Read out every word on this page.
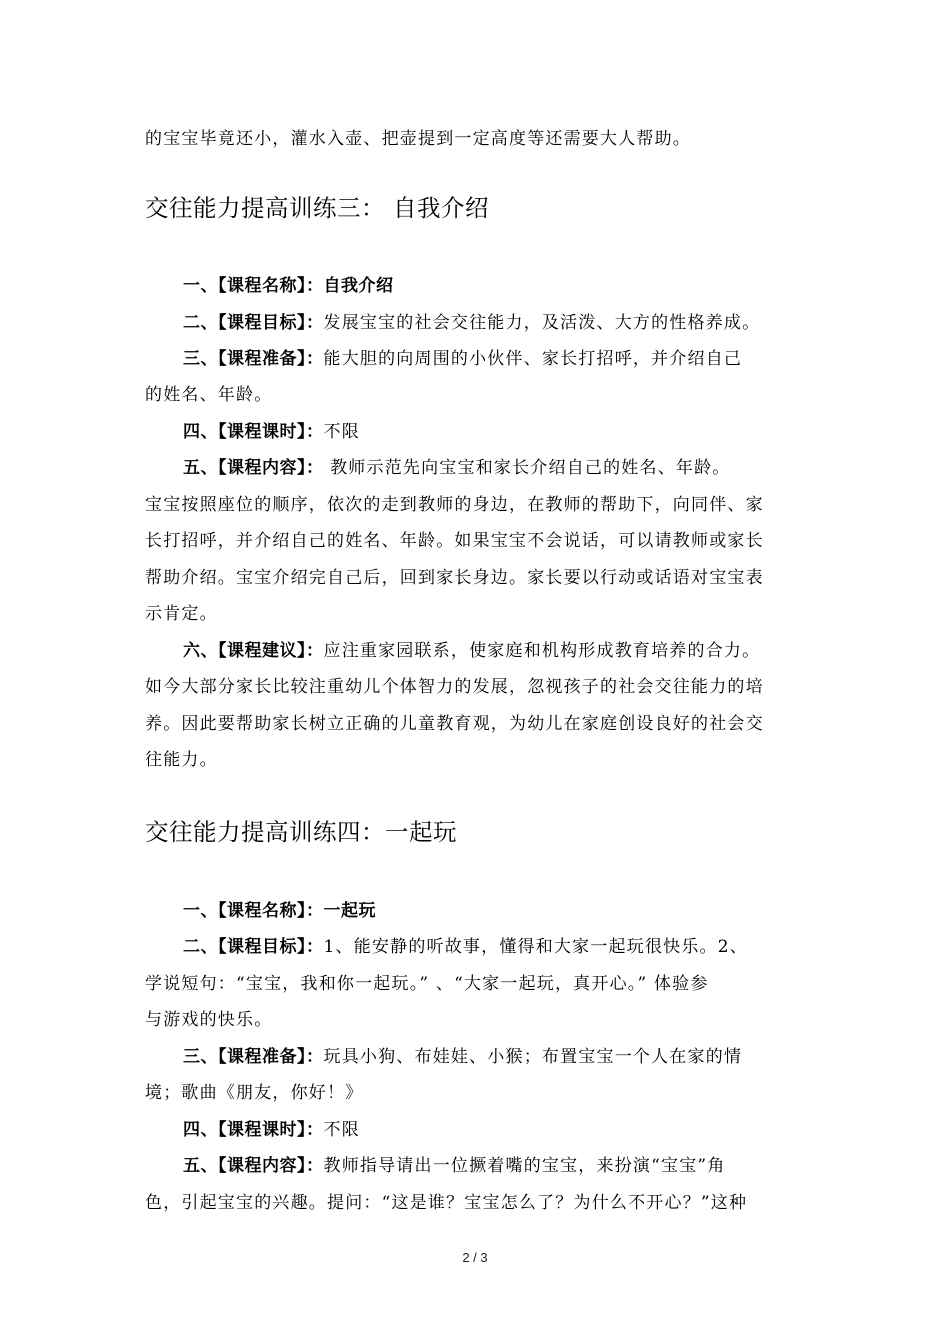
的宝宝毕竟还小，灌水入壶、把壶提到一定高度等还需要大人帮助。
交往能力提高训练三： 自我介绍
一、【课程名称】：自我介绍
二、【课程目标】：发展宝宝的社会交往能力，及活泼、大方的性格养成。
三、【课程准备】：能大胆的向周围的小伙伴、家长打招呼，并介绍自己
的姓名、年龄。
四、【课程课时】：不限
五、【课程内容】： 教师示范先向宝宝和家长介绍自己的姓名、年龄。
宝宝按照座位的顺序，依次的走到教师的身边，在教师的帮助下，向同伴、家
长打招呼，并介绍自己的姓名、年龄。如果宝宝不会说话，可以请教师或家长
帮助介绍。宝宝介绍完自己后，回到家长身边。家长要以行动或话语对宝宝表
示肯定。
六、【课程建议】：应注重家园联系，使家庭和机构形成教育培养的合力。
如今大部分家长比较注重幼儿个体智力的发展，忽视孩子的社会交往能力的培
养。因此要帮助家长树立正确的儿童教育观，为幼儿在家庭创设良好的社会交
往能力。
交往能力提高训练四：一起玩
一、【课程名称】：一起玩
二、【课程目标】：1、能安静的听故事，懂得和大家一起玩很快乐。2、
学说短句：“宝宝，我和你一起玩。” 、“大家一起玩，真开心。” 体验参
与游戏的快乐。
三、【课程准备】：玩具小狗、布娃娃、小猴；布置宝宝一个人在家的情
境；歌曲《朋友，你好！》
四、【课程课时】：不限
五、【课程内容】：教师指导请出一位撅着嘴的宝宝，来扮演“宝宝”角
色，引起宝宝的兴趣。提问：“这是谁？宝宝怎么了？为什么不开心？”这种
2 / 3
